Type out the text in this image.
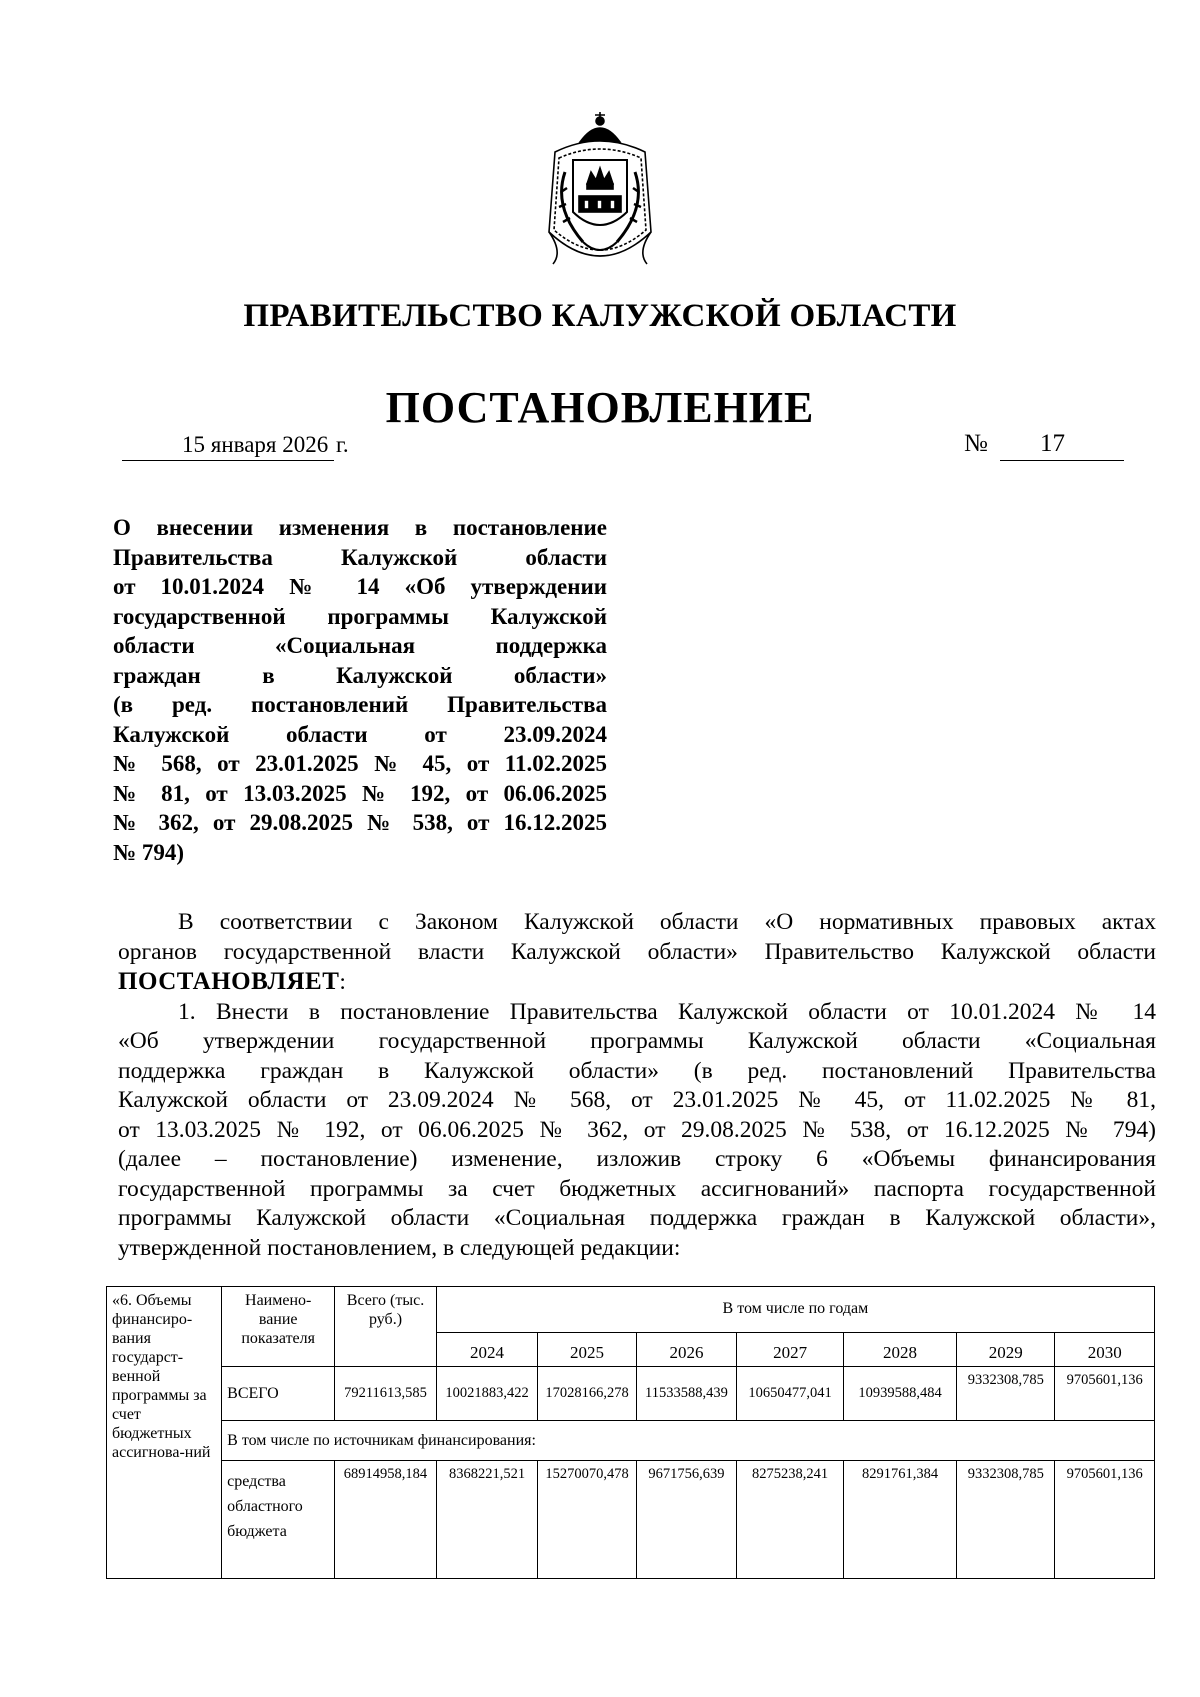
ПРАВИТЕЛЬСТВО КАЛУЖСКОЙ ОБЛАСТИ
ПОСТАНОВЛЕНИЕ
15 января 2026 г.	№	17
О внесении изменения в постановление
Правительства Калужской области
от 10.01.2024 № 14 «Об утверждении
государственной программы Калужской
области «Социальная поддержка
граждан в Калужской области»
(в ред. постановлений Правительства
Калужской области от 23.09.2024
№ 568, от 23.01.2025 № 45, от 11.02.2025
№ 81, от 13.03.2025 № 192, от 06.06.2025
№ 362, от 29.08.2025 № 538, от 16.12.2025
№ 794)
В соответствии с Законом Калужской области «О нормативных правовых актах
органов государственной власти Калужской области» Правительство Калужской области
ПОСТАНОВЛЯЕТ:
1. Внести в постановление Правительства Калужской области от 10.01.2024 № 14
«Об утверждении государственной программы Калужской области «Социальная
поддержка граждан в Калужской области» (в ред. постановлений Правительства
Калужской области от 23.09.2024 № 568, от 23.01.2025 № 45, от 11.02.2025 № 81,
от 13.03.2025 № 192, от 06.06.2025 № 362, от 29.08.2025 № 538, от 16.12.2025 № 794)
(далее – постановление) изменение, изложив строку 6 «Объемы финансирования
государственной программы за счет бюджетных ассигнований» паспорта государственной
программы Калужской области «Социальная поддержка граждан в Калужской области»,
утвержденной постановлением, в следующей редакции:
«6. Объемы финансиро-вания государст-венной программы за счет бюджетных ассигнова-ний	Наимено-вание показателя	Всего (тыс. руб.)	В том числе по годам						
			2024	2025	2026	2027	2028	2029	2030
	ВСЕГО	79211613,585	10021883,422	17028166,278	11533588,439	10650477,041	10939588,484	9332308,785	9705601,136
	В том числе по источникам финансирования:								
	средства областного бюджета	68914958,184	8368221,521	15270070,478	9671756,639	8275238,241	8291761,384	9332308,785	9705601,136
